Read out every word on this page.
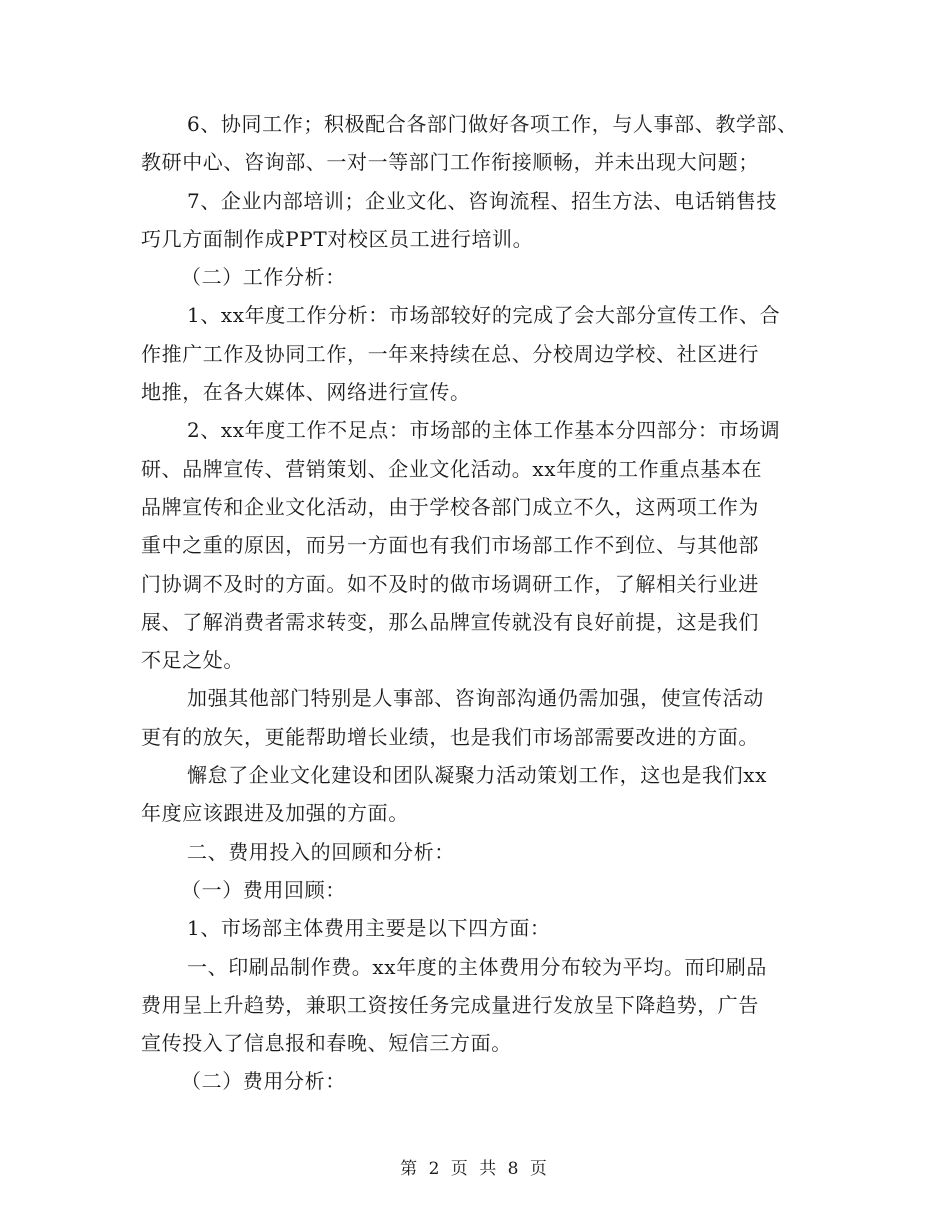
6、协同工作；积极配合各部门做好各项工作，与人事部、教学部、
教研中心、咨询部、一对一等部门工作衔接顺畅，并未出现大问题；
7、企业内部培训；企业文化、咨询流程、招生方法、电话销售技
巧几方面制作成PPT对校区员工进行培训。
（二）工作分析：
1、xx年度工作分析：市场部较好的完成了会大部分宣传工作、合
作推广工作及协同工作，一年来持续在总、分校周边学校、社区进行
地推，在各大媒体、网络进行宣传。
2、xx年度工作不足点：市场部的主体工作基本分四部分：市场调
研、品牌宣传、营销策划、企业文化活动。xx年度的工作重点基本在
品牌宣传和企业文化活动，由于学校各部门成立不久，这两项工作为
重中之重的原因，而另一方面也有我们市场部工作不到位、与其他部
门协调不及时的方面。如不及时的做市场调研工作，了解相关行业进
展、了解消费者需求转变，那么品牌宣传就没有良好前提，这是我们
不足之处。
加强其他部门特别是人事部、咨询部沟通仍需加强，使宣传活动
更有的放矢，更能帮助增长业绩，也是我们市场部需要改进的方面。
懈怠了企业文化建设和团队凝聚力活动策划工作，这也是我们xx
年度应该跟进及加强的方面。
二、费用投入的回顾和分析：
（一）费用回顾：
1、市场部主体费用主要是以下四方面：
一、印刷品制作费。xx年度的主体费用分布较为平均。而印刷品
费用呈上升趋势，兼职工资按任务完成量进行发放呈下降趋势，广告
宣传投入了信息报和春晚、短信三方面。
（二）费用分析：
第 2 页 共 8 页
